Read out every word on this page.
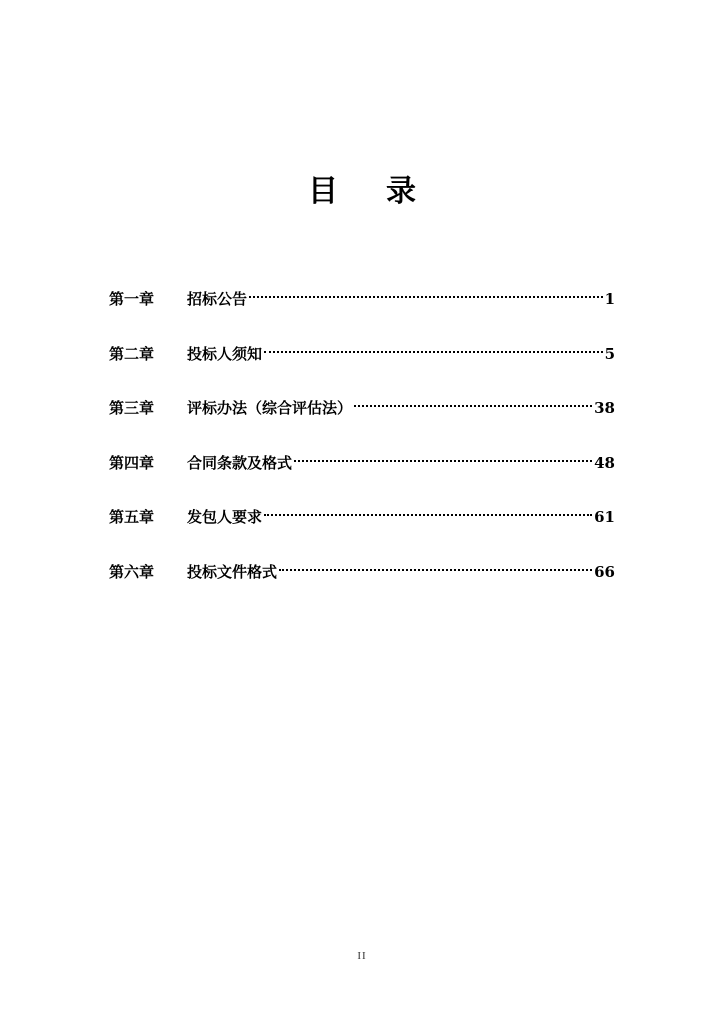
目 录
第一章	招标公告	1
第二章	投标人须知	5
第三章	评标办法（综合评估法）	38
第四章	合同条款及格式	48
第五章	发包人要求	61
第六章	投标文件格式	66
II
